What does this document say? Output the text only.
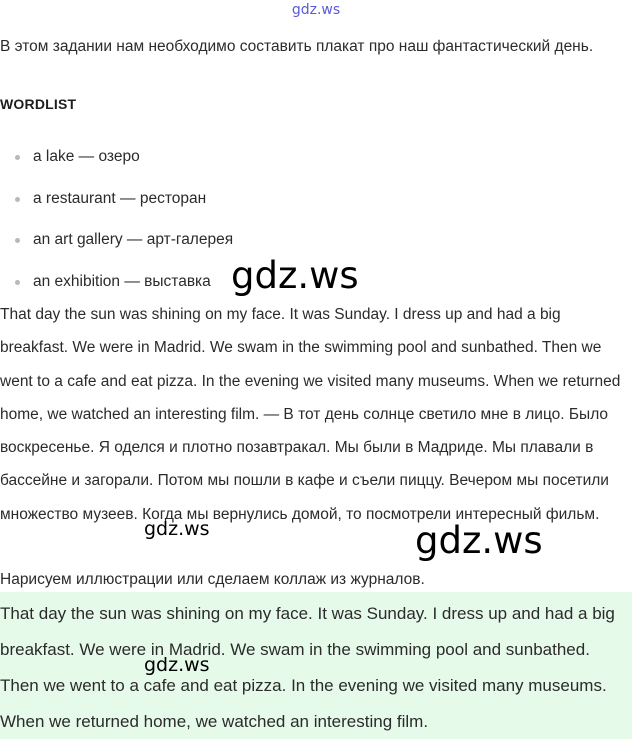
gdz.ws

В этом задании нам необходимо составить плакат про наш фантастический день.

WORDLIST
a lake — озеро
a restaurant — ресторан
an art gallery — арт-галерея
an exhibition — выставка

That day the sun was shining on my face. It was Sunday. I dress up and had a big breakfast. We were in Madrid. We swam in the swimming pool and sunbathed. Then we went to a cafe and eat pizza. In the evening we visited many museums. When we returned home, we watched an interesting film. — В тот день солнце светило мне в лицо. Было воскресенье. Я оделся и плотно позавтракал. Мы были в Мадриде. Мы плавали в бассейне и загорали. Потом мы пошли в кафе и съели пиццу. Вечером мы посетили множество музеев. Когда мы вернулись домой, то посмотрели интересный фильм.

Нарисуем иллюстрации или сделаем коллаж из журналов.

That day the sun was shining on my face. It was Sunday. I dress up and had a big breakfast. We were in Madrid. We swam in the swimming pool and sunbathed. Then we went to a cafe and eat pizza. In the evening we visited many museums. When we returned home, we watched an interesting film.

gdz.ws
gdz.ws
gdz.ws
gdz.ws
